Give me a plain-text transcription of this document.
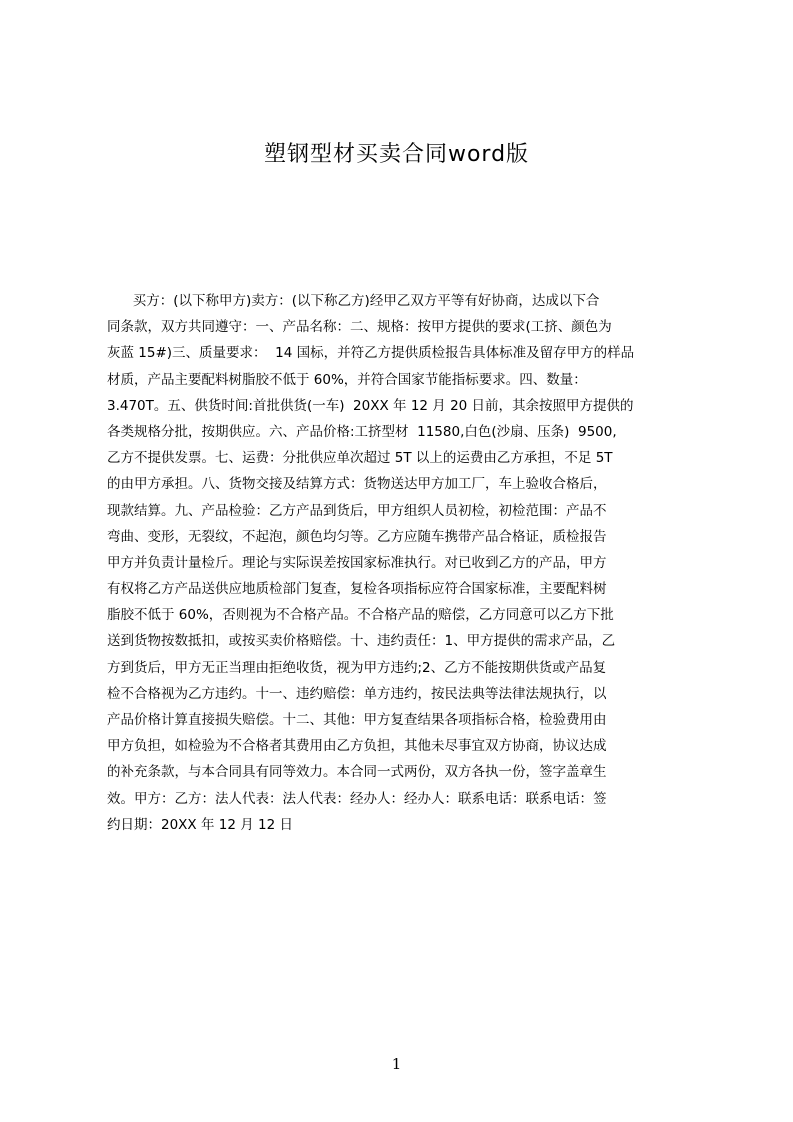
塑钢型材买卖合同word版
买方：(以下称甲方)卖方：(以下称乙方)经甲乙双方平等有好协商，达成以下合
同条款，双方共同遵守：一、产品名称：二、规格：按甲方提供的要求(工挤、颜色为
灰蓝 15#)三、质量要求：  14 国标，并符乙方提供质检报告具体标准及留存甲方的样品
材质，产品主要配料树脂胶不低于 60%，并符合国家节能指标要求。四、数量：
3.470T。五、供货时间:首批供货(一车)  20XX 年 12 月 20 日前，其余按照甲方提供的
各类规格分批，按期供应。六、产品价格:工挤型材  11580,白色(沙扇、压条)  9500,
乙方不提供发票。七、运费：分批供应单次超过 5T 以上的运费由乙方承担，不足 5T
的由甲方承担。八、货物交接及结算方式：货物送达甲方加工厂，车上验收合格后，
现款结算。九、产品检验：乙方产品到货后，甲方组织人员初检，初检范围：产品不
弯曲、变形，无裂纹，不起泡，颜色均匀等。乙方应随车携带产品合格证，质检报告
甲方并负责计量检斤。理论与实际误差按国家标准执行。对已收到乙方的产品，甲方
有权将乙方产品送供应地质检部门复查，复检各项指标应符合国家标准，主要配料树
脂胶不低于 60%，否则视为不合格产品。不合格产品的赔偿，乙方同意可以乙方下批
送到货物按数抵扣，或按买卖价格赔偿。十、违约责任：1、甲方提供的需求产品，乙
方到货后，甲方无正当理由拒绝收货，视为甲方违约;2、乙方不能按期供货或产品复
检不合格视为乙方违约。十一、违约赔偿：单方违约，按民法典等法律法规执行，以
产品价格计算直接损失赔偿。十二、其他：甲方复查结果各项指标合格，检验费用由
甲方负担，如检验为不合格者其费用由乙方负担，其他未尽事宜双方协商，协议达成
的补充条款，与本合同具有同等效力。本合同一式两份，双方各执一份，签字盖章生
效。甲方：乙方：法人代表：法人代表：经办人：经办人：联系电话：联系电话：签
约日期：20XX 年 12 月 12 日
1
